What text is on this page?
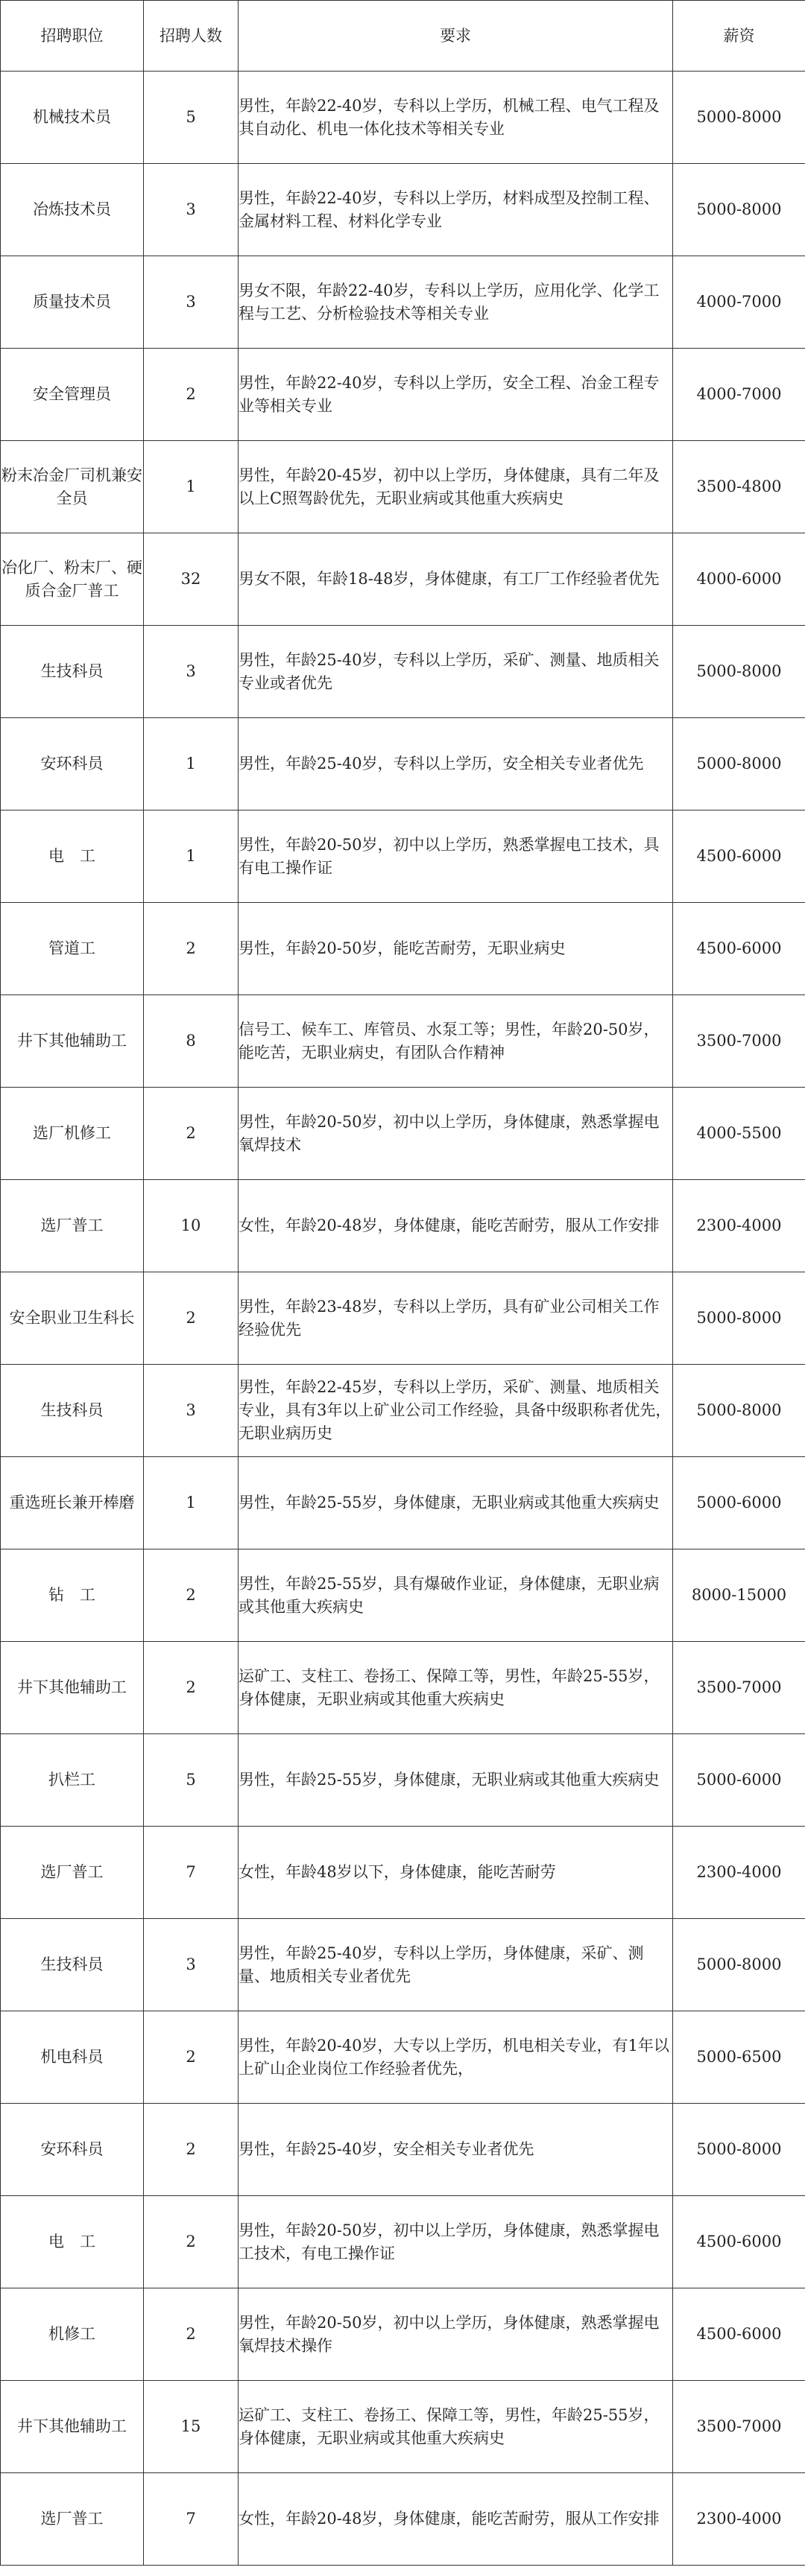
招聘职位	招聘人数	要求	薪资
机械技术员	5	男性，年龄22-40岁，专科以上学历，机械工程、电气工程及其自动化、机电一体化技术等相关专业	5000-8000
冶炼技术员	3	男性，年龄22-40岁，专科以上学历，材料成型及控制工程、金属材料工程、材料化学专业	5000-8000
质量技术员	3	男女不限，年龄22-40岁，专科以上学历，应用化学、化学工程与工艺、分析检验技术等相关专业	4000-7000
安全管理员	2	男性，年龄22-40岁，专科以上学历，安全工程、冶金工程专业等相关专业	4000-7000
粉末冶金厂司机兼安全员	1	男性，年龄20-45岁，初中以上学历，身体健康，具有二年及以上C照驾龄优先，无职业病或其他重大疾病史	3500-4800
冶化厂、粉末厂、硬质合金厂普工	32	男女不限，年龄18-48岁，身体健康，有工厂工作经验者优先	4000-6000
生技科员	3	男性，年龄25-40岁，专科以上学历，采矿、测量、地质相关专业或者优先	5000-8000
安环科员	1	男性，年龄25-40岁，专科以上学历，安全相关专业者优先	5000-8000
电　工	1	男性，年龄20-50岁，初中以上学历，熟悉掌握电工技术，具有电工操作证	4500-6000
管道工	2	男性，年龄20-50岁，能吃苦耐劳，无职业病史	4500-6000
井下其他辅助工	8	信号工、候车工、库管员、水泵工等；男性，年龄20-50岁，能吃苦，无职业病史，有团队合作精神	3500-7000
选厂机修工	2	男性，年龄20-50岁，初中以上学历，身体健康，熟悉掌握电氧焊技术	4000-5500
选厂普工	10	女性，年龄20-48岁，身体健康，能吃苦耐劳，服从工作安排	2300-4000
安全职业卫生科长	2	男性，年龄23-48岁，专科以上学历，具有矿业公司相关工作经验优先	5000-8000
生技科员	3	男性，年龄22-45岁，专科以上学历，采矿、测量、地质相关专业，具有3年以上矿业公司工作经验，具备中级职称者优先，无职业病历史	5000-8000
重选班长兼开棒磨	1	男性，年龄25-55岁，身体健康，无职业病或其他重大疾病史	5000-6000
钻　工	2	男性，年龄25-55岁，具有爆破作业证，身体健康，无职业病或其他重大疾病史	8000-15000
井下其他辅助工	2	运矿工、支柱工、卷扬工、保障工等，男性，年龄25-55岁，身体健康，无职业病或其他重大疾病史	3500-7000
扒栏工	5	男性，年龄25-55岁，身体健康，无职业病或其他重大疾病史	5000-6000
选厂普工	7	女性，年龄48岁以下，身体健康，能吃苦耐劳	2300-4000
生技科员	3	男性，年龄25-40岁，专科以上学历，身体健康，采矿、测量、地质相关专业者优先	5000-8000
机电科员	2	男性，年龄20-40岁，大专以上学历，机电相关专业，有1年以上矿山企业岗位工作经验者优先，	5000-6500
安环科员	2	男性，年龄25-40岁，安全相关专业者优先	5000-8000
电　工	2	男性，年龄20-50岁，初中以上学历，身体健康，熟悉掌握电工技术，有电工操作证	4500-6000
机修工	2	男性，年龄20-50岁，初中以上学历，身体健康，熟悉掌握电氧焊技术操作	4500-6000
井下其他辅助工	15	运矿工、支柱工、卷扬工、保障工等，男性，年龄25-55岁，身体健康，无职业病或其他重大疾病史	3500-7000
选厂普工	7	女性，年龄20-48岁，身体健康，能吃苦耐劳，服从工作安排	2300-4000
